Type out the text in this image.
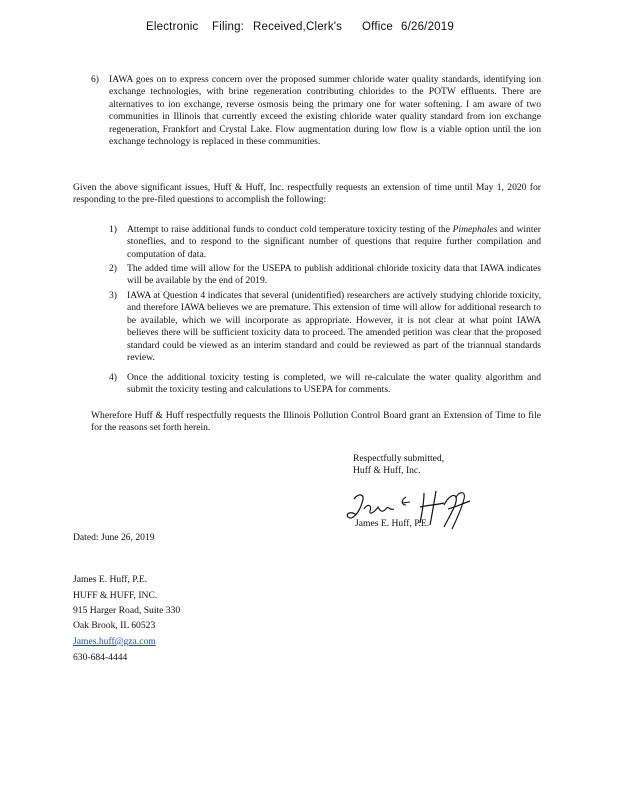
Electronic Filing: Received,Clerk's Office 6/26/2019
6)	IAWA goes on to express concern over the proposed summer chloride water quality standards, identifying ion exchange technologies, with brine regeneration contributing chlorides to the POTW effluents. There are alternatives to ion exchange, reverse osmosis being the primary one for water softening. I am aware of two communities in Illinois that currently exceed the existing chloride water quality standard from ion exchange regeneration, Frankfort and Crystal Lake. Flow augmentation during low flow is a viable option until the ion exchange technology is replaced in these communities.
Given the above significant issues, Huff & Huff, Inc. respectfully requests an extension of time until May 1, 2020 for responding to the pre-filed questions to accomplish the following:
1)	Attempt to raise additional funds to conduct cold temperature toxicity testing of the Pimephales and winter stoneflies, and to respond to the significant number of questions that require further compilation and computation of data.
2)	The added time will allow for the USEPA to publish additional chloride toxicity data that IAWA indicates will be available by the end of 2019.
3)	IAWA at Question 4 indicates that several (unidentified) researchers are actively studying chloride toxicity, and therefore IAWA believes we are premature. This extension of time will allow for additional research to be available, which we will incorporate as appropriate. However, it is not clear at what point IAWA believes there will be sufficient toxicity data to proceed. The amended petition was clear that the proposed standard could be viewed as an interim standard and could be reviewed as part of the triannual standards review.
4)	Once the additional toxicity testing is completed, we will re-calculate the water quality algorithm and submit the toxicity testing and calculations to USEPA for comments.
Wherefore Huff & Huff respectfully requests the Illinois Pollution Control Board grant an Extension of Time to file for the reasons set forth herein.
Respectfully submitted,
Huff & Huff, Inc.
James E. Huff, P.E.
Dated: June 26, 2019
James E. Huff, P.E.
HUFF & HUFF, INC.
915 Harger Road, Suite 330
Oak Brook, IL 60523
James.huff@gza.com
630-684-4444
